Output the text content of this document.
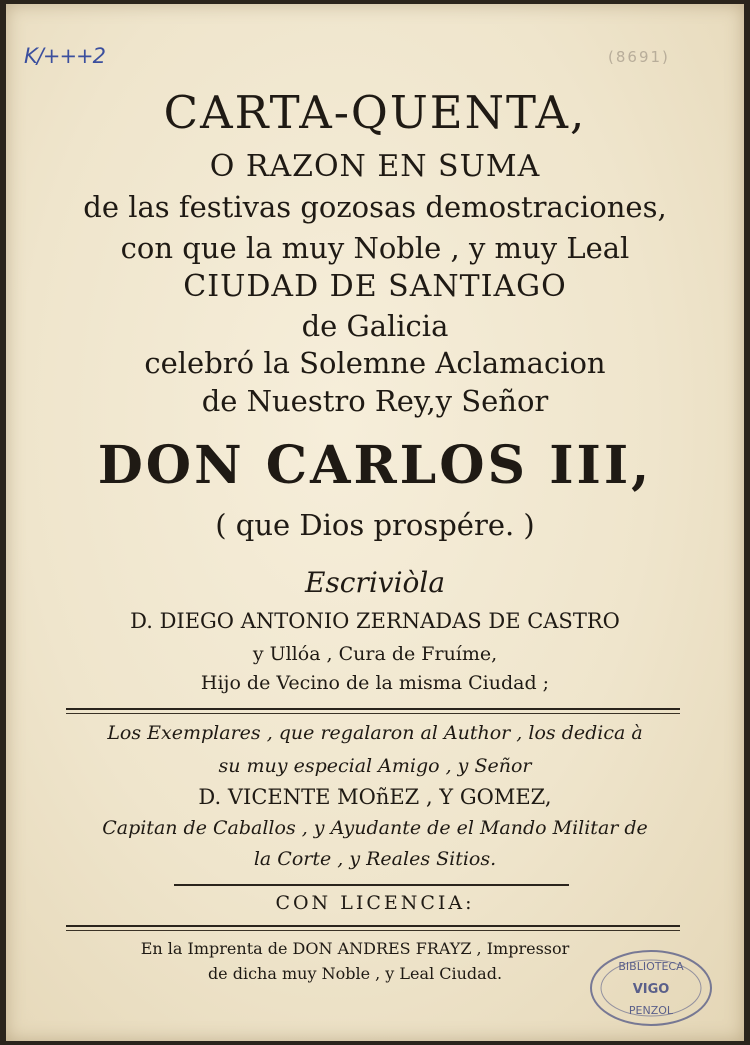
K/+++2	(8691)
CARTA-QUENTA,
O RAZON EN SUMA
de las festivas gozosas demostraciones,
con que la muy Noble , y muy Leal
CIUDAD DE SANTIAGO
de Galicia
celebró la Solemne Aclamacion
de Nuestro Rey,y Señor
DON CARLOS III,
( que Dios prospére. )
Escriviòla
D. DIEGO ANTONIO ZERNADAS DE CASTRO
y Ullóa , Cura de Fruíme,
Hijo de Vecino de la misma Ciudad ;
Los Exemplares , que regalaron al Author , los dedica à
su muy especial Amigo , y Señor
D. VICENTE MOñEZ , Y GOMEZ,
Capitan de Caballos , y Ayudante de el Mando Militar de
la Corte , y Reales Sitios.
CON LICENCIA:
En la Imprenta de DON ANDRES FRAYZ , Impressor
de dicha muy Noble , y Leal Ciudad.	BIBLIOTECA
VIGO
PENZOL
